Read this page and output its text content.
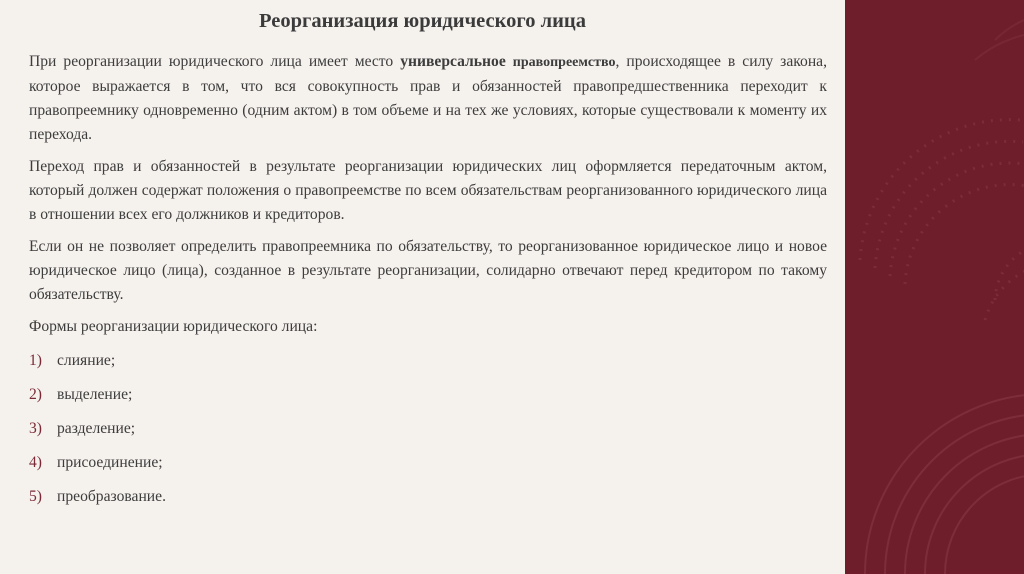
Реорганизация юридического лица

При реорганизации юридического лица имеет место универсальное правопреемство, происходящее в силу закона, которое выражается в том, что вся совокупность прав и обязанностей правопредшественника переходит к правопреемнику одновременно (одним актом) в том объеме и на тех же условиях, которые существовали к моменту их перехода.

Переход прав и обязанностей в результате реорганизации юридических лиц оформляется передаточным актом, который должен содержат положения о правопреемстве по всем обязательствам реорганизованного юридического лица в отношении всех его должников и кредиторов.

Если он не позволяет определить правопреемника по обязательству, то реорганизованное юридическое лицо и новое юридическое лицо (лица), созданное в результате реорганизации, солидарно отвечают перед кредитором по такому обязательству.

Формы реорганизации юридического лица:

1) слияние;
2) выделение;
3) разделение;
4) присоединение;
5) преобразование.
